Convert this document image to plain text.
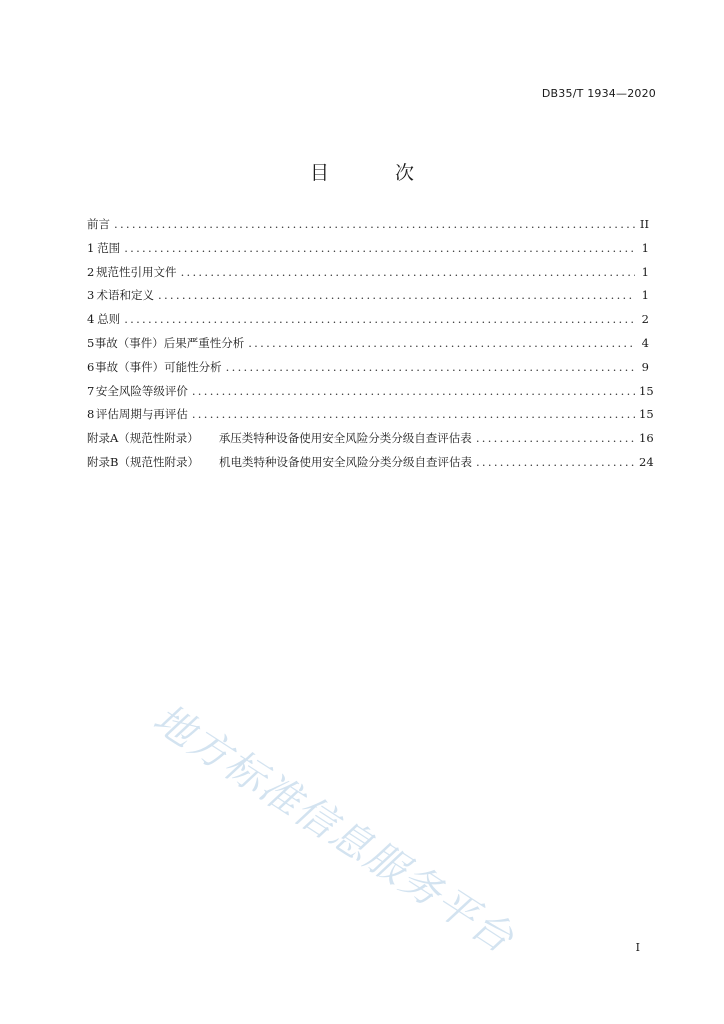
DB35/T 1934—2020
目 次
前言 .....	II
1 范围 .....	1
2 规范性引用文件 .....	1
3 术语和定义 .....	1
4 总则 .....	2
5 事故（事件）后果严重性分析 .....	4
6 事故（事件）可能性分析 .....	9
7 安全风险等级评价 .....	15
8 评估周期与再评估 .....	15
附录A（规范性附录） 承压类特种设备使用安全风险分类分级自查评估表 .....	16
附录B（规范性附录） 机电类特种设备使用安全风险分类分级自查评估表 .....	24
地方标准信息服务平台	I
